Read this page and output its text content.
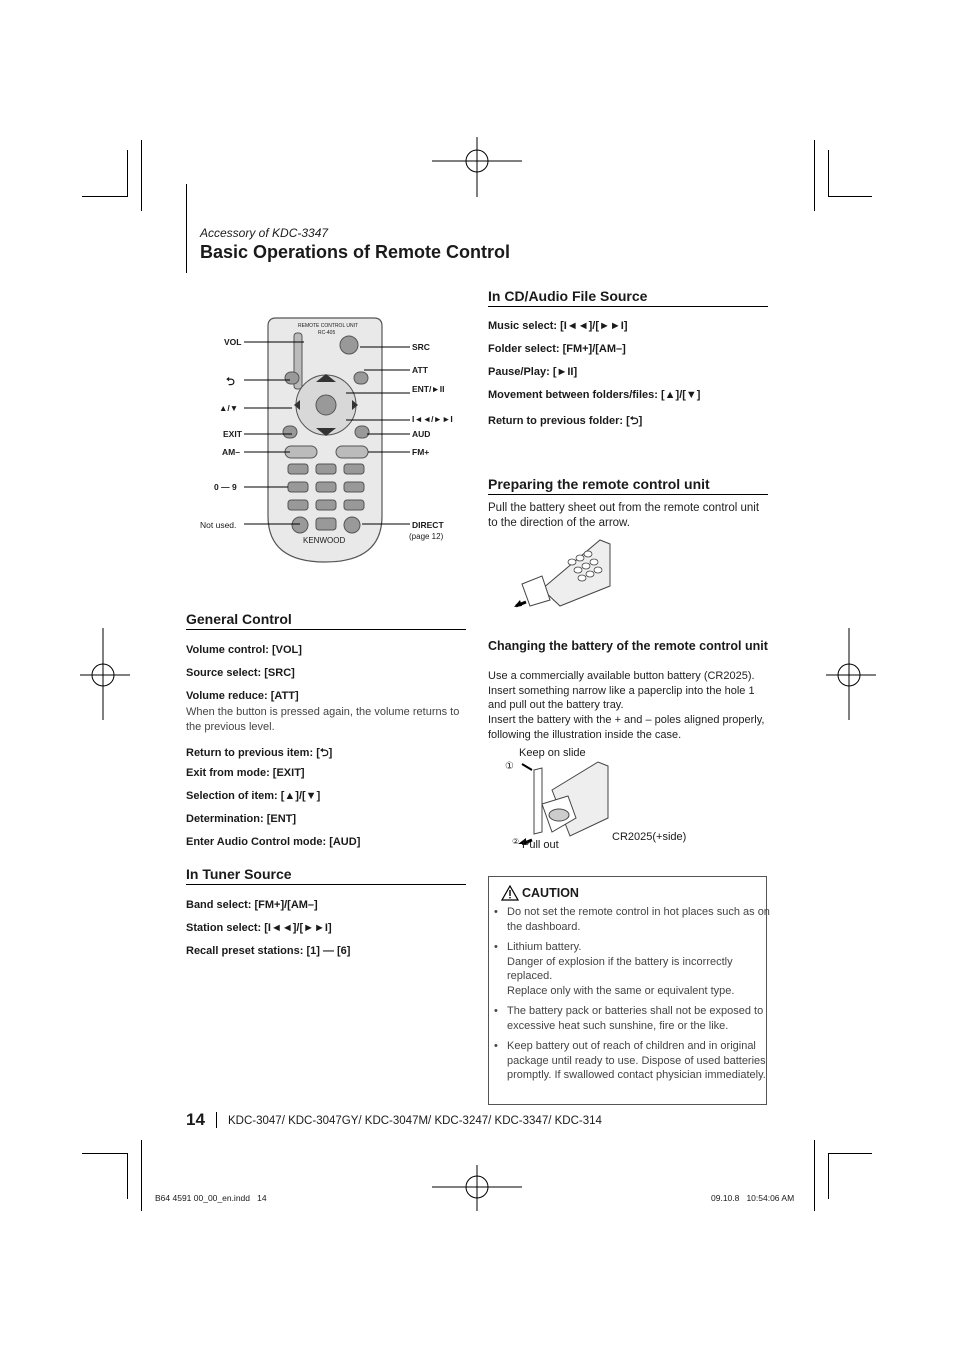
Accessory of KDC-3347
Basic Operations of Remote Control
REMOTE CONTROL UNIT
RC-405
KENWOOD
VOL
⮌
▲/▼
EXIT
AM–
0 — 9
Not used.
SRC
ATT
ENT/►II
I◄◄/►►I
AUD
FM+
DIRECT
(page 12)
General Control
Volume control: [VOL]
Source select: [SRC]
Volume reduce: [ATT]
When the button is pressed again, the volume returns to the previous level.
Return to previous item: [⮌]
Exit from mode: [EXIT]
Selection of item: [▲]/[▼]
Determination: [ENT]
Enter Audio Control mode: [AUD]
In Tuner Source
Band select: [FM+]/[AM–]
Station select: [I◄◄]/[►►I]
Recall preset stations: [1] — [6]
In CD/Audio File Source
Music select: [I◄◄]/[►►I]
Folder select: [FM+]/[AM–]
Pause/Play: [►II]
Movement between folders/files: [▲]/[▼]
Return to previous folder: [⮌]
Preparing the remote control unit
Pull the battery sheet out from the remote control unit to the direction of the arrow.
Changing the battery of the remote control unit
Use a commercially available button battery (CR2025). Insert something narrow like a paperclip into the hole 1 and pull out the battery tray.
Insert the battery with the + and – poles aligned properly, following the illustration inside the case.
Keep on slide
①
② Pull out
CR2025(+side)
CAUTION
• Do not set the remote control in hot places such as on the dashboard.
• Lithium battery.
Danger of explosion if the battery is incorrectly replaced.
Replace only with the same or equivalent type.
• The battery pack or batteries shall not be exposed to excessive heat such sunshine, fire or the like.
• Keep battery out of reach of children and in original package until ready to use. Dispose of used batteries promptly. If swallowed contact physician immediately.
14 KDC-3047/ KDC-3047GY/ KDC-3047M/ KDC-3247/ KDC-3347/ KDC-314
B64 4591 00_00_en.indd   14	09.10.8   10:54:06 AM
